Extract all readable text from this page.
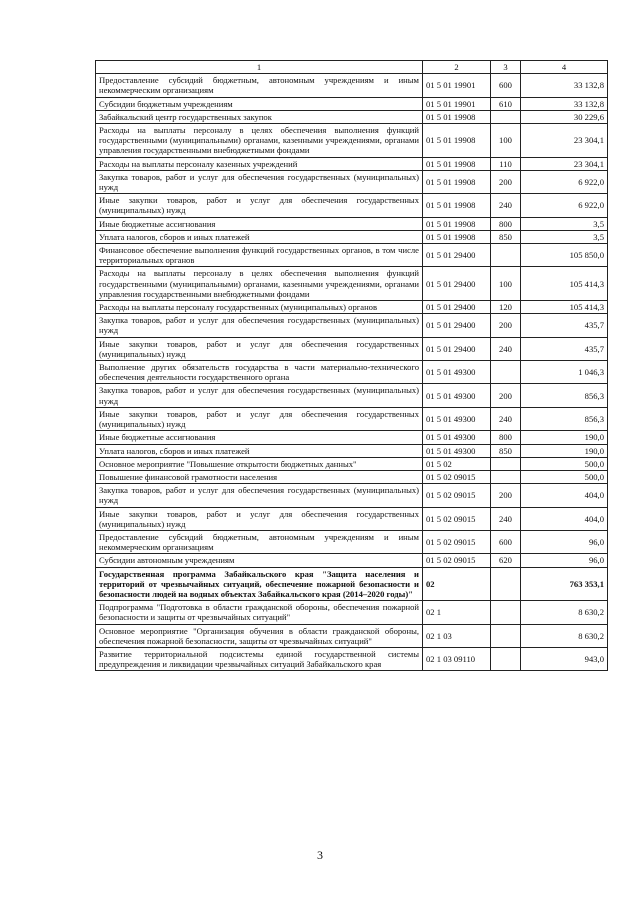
1	2	3	4
Предоставление субсидий бюджетным, автономным учреждениям и иным некоммерческим организациям	01 5 01 19901	600	33 132,8
Субсидии бюджетным учреждениям	01 5 01 19901	610	33 132,8
Забайкальский центр государственных закупок	01 5 01 19908		30 229,6
Расходы на выплаты персоналу в целях обеспечения выполнения функций государственными (муниципальными) органами, казенными учреждениями, органами управления государственными внебюджетными фондами	01 5 01 19908	100	23 304,1
Расходы на выплаты персоналу казенных учреждений	01 5 01 19908	110	23 304,1
Закупка товаров, работ и услуг для обеспечения государственных (муниципальных) нужд	01 5 01 19908	200	6 922,0
Иные закупки товаров, работ и услуг для обеспечения государственных (муниципальных) нужд	01 5 01 19908	240	6 922,0
Иные бюджетные ассигнования	01 5 01 19908	800	3,5
Уплата налогов, сборов и иных платежей	01 5 01 19908	850	3,5
Финансовое обеспечение выполнения функций государственных органов, в том числе территориальных органов	01 5 01 29400		105 850,0
Расходы на выплаты персоналу в целях обеспечения выполнения функций государственными (муниципальными) органами, казенными учреждениями, органами управления государственными внебюджетными фондами	01 5 01 29400	100	105 414,3
Расходы на выплаты персоналу государственных (муниципальных) органов	01 5 01 29400	120	105 414,3
Закупка товаров, работ и услуг для обеспечения государственных (муниципальных) нужд	01 5 01 29400	200	435,7
Иные закупки товаров, работ и услуг для обеспечения государственных (муниципальных) нужд	01 5 01 29400	240	435,7
Выполнение других обязательств государства в части материально-технического обеспечения деятельности государственного органа	01 5 01 49300		1 046,3
Закупка товаров, работ и услуг для обеспечения государственных (муниципальных) нужд	01 5 01 49300	200	856,3
Иные закупки товаров, работ и услуг для обеспечения государственных (муниципальных) нужд	01 5 01 49300	240	856,3
Иные бюджетные ассигнования	01 5 01 49300	800	190,0
Уплата налогов, сборов и иных платежей	01 5 01 49300	850	190,0
Основное мероприятие "Повышение открытости бюджетных данных"	01 5 02		500,0
Повышение финансовой грамотности населения	01 5 02 09015		500,0
Закупка товаров, работ и услуг для обеспечения государственных (муниципальных) нужд	01 5 02 09015	200	404,0
Иные закупки товаров, работ и услуг для обеспечения государственных (муниципальных) нужд	01 5 02 09015	240	404,0
Предоставление субсидий бюджетным, автономным учреждениям и иным некоммерческим организациям	01 5 02 09015	600	96,0
Субсидии автономным учреждениям	01 5 02 09015	620	96,0
Государственная программа Забайкальского края "Защита населения и территорий от чрезвычайных ситуаций, обеспечение пожарной безопасности и безопасности людей на водных объектах Забайкальского края (2014–2020 годы)"	02		763 353,1
Подпрограмма "Подготовка в области гражданской обороны, обеспечения пожарной безопасности и защиты от чрезвычайных ситуаций"	02 1		8 630,2
Основное мероприятие "Организация обучения в области гражданской обороны, обеспечения пожарной безопасности, защиты от чрезвычайных ситуаций"	02 1 03		8 630,2
Развитие территориальной подсистемы единой государственной системы предупреждения и ликвидации чрезвычайных ситуаций Забайкальского края	02 1 03 09110		943,0
3
